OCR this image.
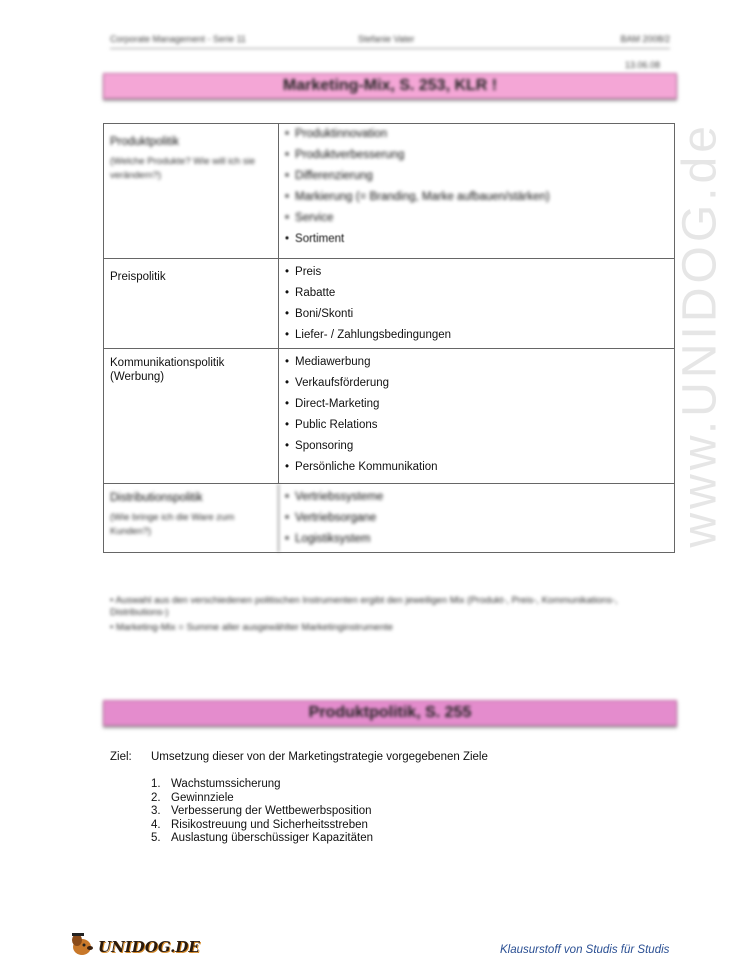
Corporate Management - Serie 11	Stefanie Vater	BAM 2008/2
13.06.08
www.UNIDOG.de
Marketing-Mix, S. 253, KLR !
Produktpolitik
(Welche Produkte? Wie will ich sie verändern?)
• Produktinnovation
• Produktverbesserung
• Differenzierung
• Markierung (= Branding, Marke aufbauen/stärken)
• Service
• Sortiment
Preispolitik
•	Preis
• Rabatte
• Boni/Skonti
• Liefer- / Zahlungsbedingungen
Kommunikationspolitik (Werbung)
• Mediawerbung
• Verkaufsförderung
• Direct-Marketing
• Public Relations
• Sponsoring
• Persönliche Kommunikation
Distributionspolitik
(Wie bringe ich die Ware zum Kunden?)
• Vertriebssysteme
• Vertriebsorgane
• Logistiksystem
• Auswahl aus den verschiedenen politischen Instrumenten ergibt den jeweiligen Mix (Produkt-, Preis-, Kommunikations-, Distributions-)
• Marketing-Mix = Summe aller ausgewählter Marketinginstrumente
Produktpolitik, S. 255
Ziel:	Umsetzung dieser von der Marketingstrategie vorgegebenen Ziele
1. Wachstumssicherung
2. Gewinnziele
3. Verbesserung der Wettbewerbsposition
4. Risikostreuung und Sicherheitsstreben
5. Auslastung überschüssiger Kapazitäten
UNIDOG.DE	Klausurstoff von Studis für Studis
